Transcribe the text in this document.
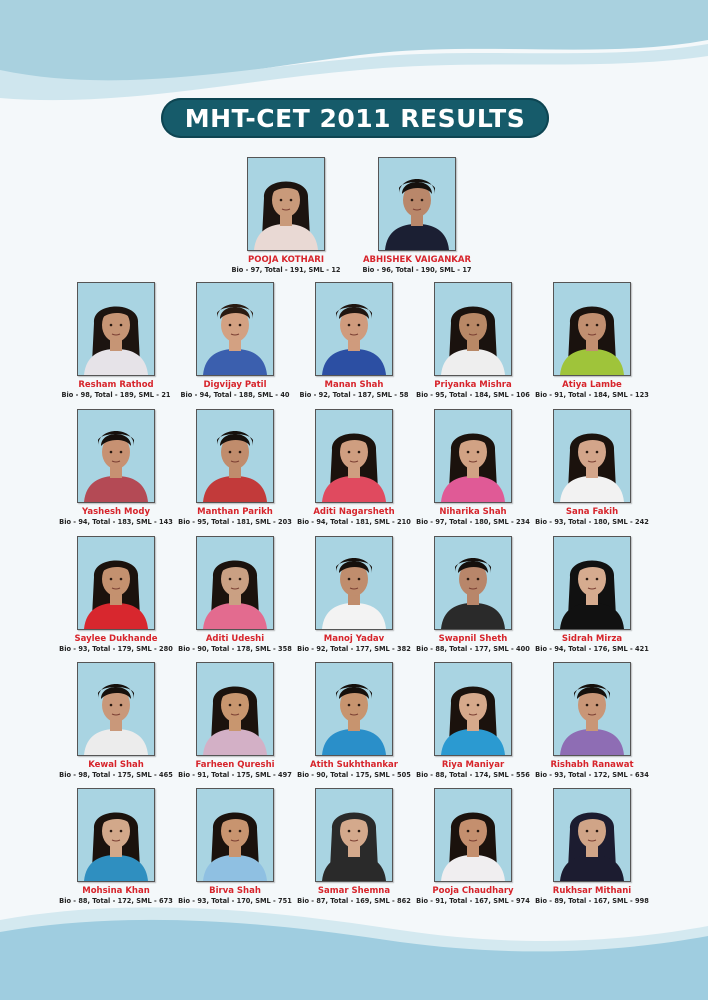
MHT-CET 2011 RESULTS
POOJA KOTHARI
Bio - 97, Total - 191, SML - 12
ABHISHEK VAIGANKAR
Bio - 96, Total - 190, SML - 17
Resham Rathod
Bio - 98, Total - 189, SML - 21
Digvijay Patil
Bio - 94, Total - 188, SML - 40
Manan Shah
Bio - 92, Total - 187, SML - 58
Priyanka Mishra
Bio - 95, Total - 184, SML - 106
Atiya Lambe
Bio - 91, Total - 184, SML - 123
Yashesh Mody
Bio - 94, Total - 183, SML - 143
Manthan Parikh
Bio - 95, Total - 181, SML - 203
Aditi Nagarsheth
Bio - 94, Total - 181, SML - 210
Niharika Shah
Bio - 97, Total - 180, SML - 234
Sana Fakih
Bio - 93, Total - 180, SML - 242
Saylee Dukhande
Bio - 93, Total - 179, SML - 280
Aditi Udeshi
Bio - 90, Total - 178, SML - 358
Manoj Yadav
Bio - 92, Total - 177, SML - 382
Swapnil Sheth
Bio - 88, Total - 177, SML - 400
Sidrah Mirza
Bio - 94, Total - 176, SML - 421
Kewal Shah
Bio - 98, Total - 175, SML - 465
Farheen Qureshi
Bio - 91, Total - 175, SML - 497
Atith Sukhthankar
Bio - 90, Total - 175, SML - 505
Riya Maniyar
Bio - 88, Total - 174, SML - 556
Rishabh Ranawat
Bio - 93, Total - 172, SML - 634
Mohsina Khan
Bio - 88, Total - 172, SML - 673
Birva Shah
Bio - 93, Total - 170, SML - 751
Samar Shemna
Bio - 87, Total - 169, SML - 862
Pooja Chaudhary
Bio - 91, Total - 167, SML - 974
Rukhsar Mithani
Bio - 89, Total - 167, SML - 998
